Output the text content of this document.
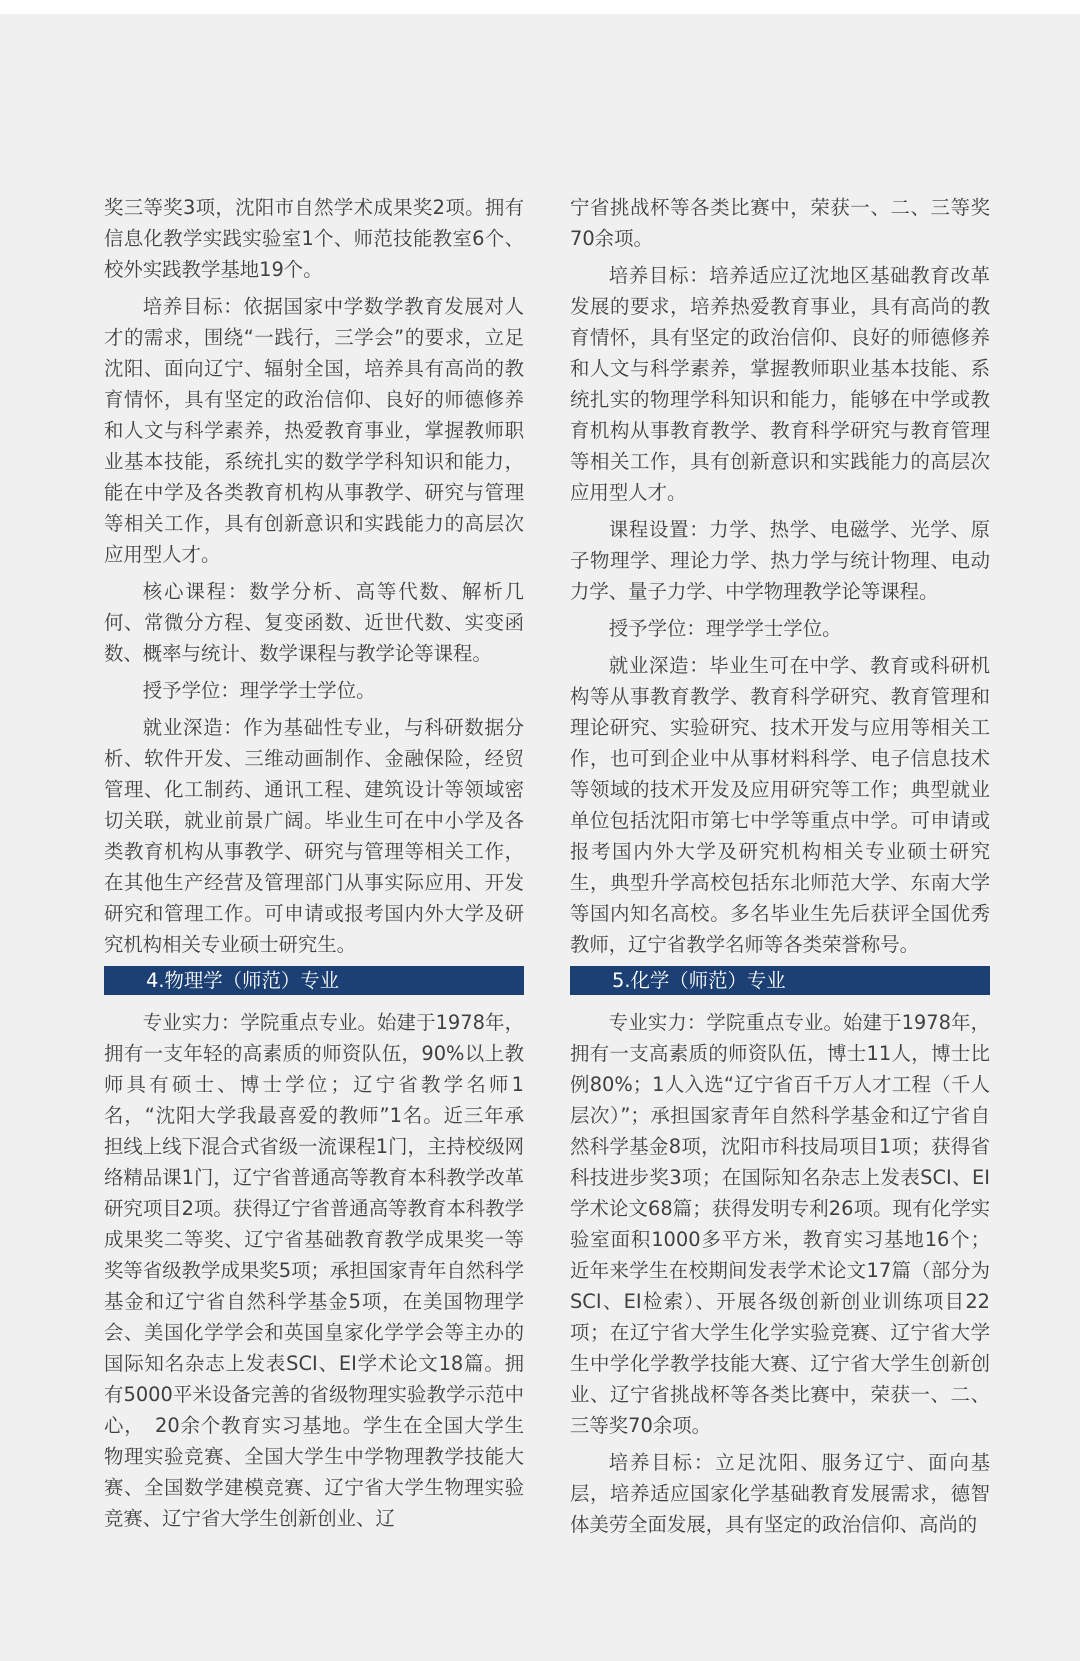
奖三等奖3项，沈阳市自然学术成果奖2项。拥有信息化教学实践实验室1个、师范技能教室6个、校外实践教学基地19个。

培养目标：依据国家中学数学教育发展对人才的需求，围绕“一践行，三学会”的要求，立足沈阳、面向辽宁、辐射全国，培养具有高尚的教育情怀，具有坚定的政治信仰、良好的师德修养和人文与科学素养，热爱教育事业，掌握教师职业基本技能，系统扎实的数学学科知识和能力，能在中学及各类教育机构从事教学、研究与管理等相关工作，具有创新意识和实践能力的高层次应用型人才。

核心课程：数学分析、高等代数、解析几何、常微分方程、复变函数、近世代数、实变函数、概率与统计、数学课程与教学论等课程。

授予学位：理学学士学位。

就业深造：作为基础性专业，与科研数据分析、软件开发、三维动画制作、金融保险，经贸管理、化工制药、通讯工程、建筑设计等领域密切关联，就业前景广阔。毕业生可在中小学及各类教育机构从事教学、研究与管理等相关工作，在其他生产经营及管理部门从事实际应用、开发研究和管理工作。可申请或报考国内外大学及研究机构相关专业硕士研究生。

4.物理学（师范）专业

专业实力：学院重点专业。始建于1978年，拥有一支年轻的高素质的师资队伍，90%以上教师具有硕士、博士学位；辽宁省教学名师1名，“沈阳大学我最喜爱的教师”1名。近三年承担线上线下混合式省级一流课程1门，主持校级网络精品课1门，辽宁省普通高等教育本科教学改革研究项目2项。获得辽宁省普通高等教育本科教学成果奖二等奖、辽宁省基础教育教学成果奖一等奖等省级教学成果奖5项；承担国家青年自然科学基金和辽宁省自然科学基金5项，在美国物理学会、美国化学学会和英国皇家化学学会等主办的国际知名杂志上发表SCI、EI学术论文18篇。拥有5000平米设备完善的省级物理实验教学示范中心，　20余个教育实习基地。学生在全国大学生物理实验竞赛、全国大学生中学物理教学技能大赛、全国数学建模竞赛、辽宁省大学生物理实验竞赛、辽宁省大学生创新创业、辽

宁省挑战杯等各类比赛中，荣获一、二、三等奖70余项。

培养目标：培养适应辽沈地区基础教育改革发展的要求，培养热爱教育事业，具有高尚的教育情怀，具有坚定的政治信仰、良好的师德修养和人文与科学素养，掌握教师职业基本技能、系统扎实的物理学科知识和能力，能够在中学或教育机构从事教育教学、教育科学研究与教育管理等相关工作，具有创新意识和实践能力的高层次应用型人才。

课程设置：力学、热学、电磁学、光学、原子物理学、理论力学、热力学与统计物理、电动力学、量子力学、中学物理教学论等课程。

授予学位：理学学士学位。

就业深造：毕业生可在中学、教育或科研机构等从事教育教学、教育科学研究、教育管理和理论研究、实验研究、技术开发与应用等相关工作，也可到企业中从事材料科学、电子信息技术等领域的技术开发及应用研究等工作；典型就业单位包括沈阳市第七中学等重点中学。可申请或报考国内外大学及研究机构相关专业硕士研究生，典型升学高校包括东北师范大学、东南大学等国内知名高校。多名毕业生先后获评全国优秀教师，辽宁省教学名师等各类荣誉称号。

5.化学（师范）专业

专业实力：学院重点专业。始建于1978年，拥有一支高素质的师资队伍，博士11人，博士比例80%；1人入选“辽宁省百千万人才工程（千人层次）”；承担国家青年自然科学基金和辽宁省自然科学基金8项，沈阳市科技局项目1项；获得省科技进步奖3项；在国际知名杂志上发表SCI、EI学术论文68篇；获得发明专利26项。现有化学实验室面积1000多平方米，教育实习基地16个；近年来学生在校期间发表学术论文17篇（部分为SCI、EI检索）、开展各级创新创业训练项目22项；在辽宁省大学生化学实验竞赛、辽宁省大学生中学化学教学技能大赛、辽宁省大学生创新创业、辽宁省挑战杯等各类比赛中，荣获一、二、三等奖70余项。

培养目标：立足沈阳、服务辽宁、面向基层，培养适应国家化学基础教育发展需求，德智体美劳全面发展，具有坚定的政治信仰、高尚的
